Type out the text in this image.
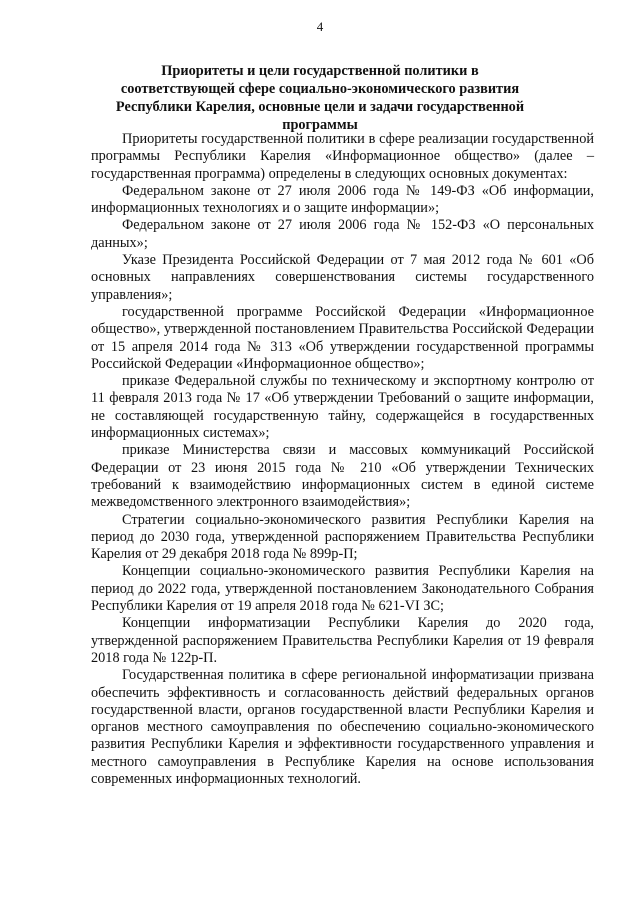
4
Приоритеты и цели государственной политики в соответствующей сфере социально-экономического развития Республики Карелия, основные цели и задачи государственной программы

Приоритеты государственной политики в сфере реализации государственной программы Республики Карелия «Информационное общество» (далее – государственная программа) определены в следующих основных документах:

Федеральном законе от 27 июля 2006 года № 149-ФЗ «Об информации, информационных технологиях и о защите информации»;

Федеральном законе от 27 июля 2006 года № 152-ФЗ «О персональных данных»;

Указе Президента Российской Федерации от 7 мая 2012 года № 601 «Об основных направлениях совершенствования системы государственного управления»;

государственной программе Российской Федерации «Информационное общество», утвержденной постановлением Правительства Российской Федерации от 15 апреля 2014 года № 313 «Об утверждении государственной программы Российской Федерации «Информационное общество»;

приказе Федеральной службы по техническому и экспортному контролю от 11 февраля 2013 года № 17 «Об утверждении Требований о защите информации, не составляющей государственную тайну, содержащейся в государственных информационных системах»;

приказе Министерства связи и массовых коммуникаций Российской Федерации от 23 июня 2015 года № 210 «Об утверждении Технических требований к взаимодействию информационных систем в единой системе межведомственного электронного взаимодействия»;

Стратегии социально-экономического развития Республики Карелия на период до 2030 года, утвержденной распоряжением Правительства Республики Карелия от 29 декабря 2018 года № 899р-П;

Концепции социально-экономического развития Республики Карелия на период до 2022 года, утвержденной постановлением Законодательного Собрания Республики Карелия от 19 апреля 2018 года № 621-VI ЗС;

Концепции информатизации Республики Карелия до 2020 года, утвержденной распоряжением Правительства Республики Карелия от 19 февраля 2018 года № 122р-П.

Государственная политика в сфере региональной информатизации призвана обеспечить эффективность и согласованность действий федеральных органов государственной власти, органов государственной власти Республики Карелия и органов местного самоуправления по обеспечению социально-экономического развития Республики Карелия и эффективности государственного управления и местного самоуправления в Республике Карелия на основе использования современных информационных технологий.
